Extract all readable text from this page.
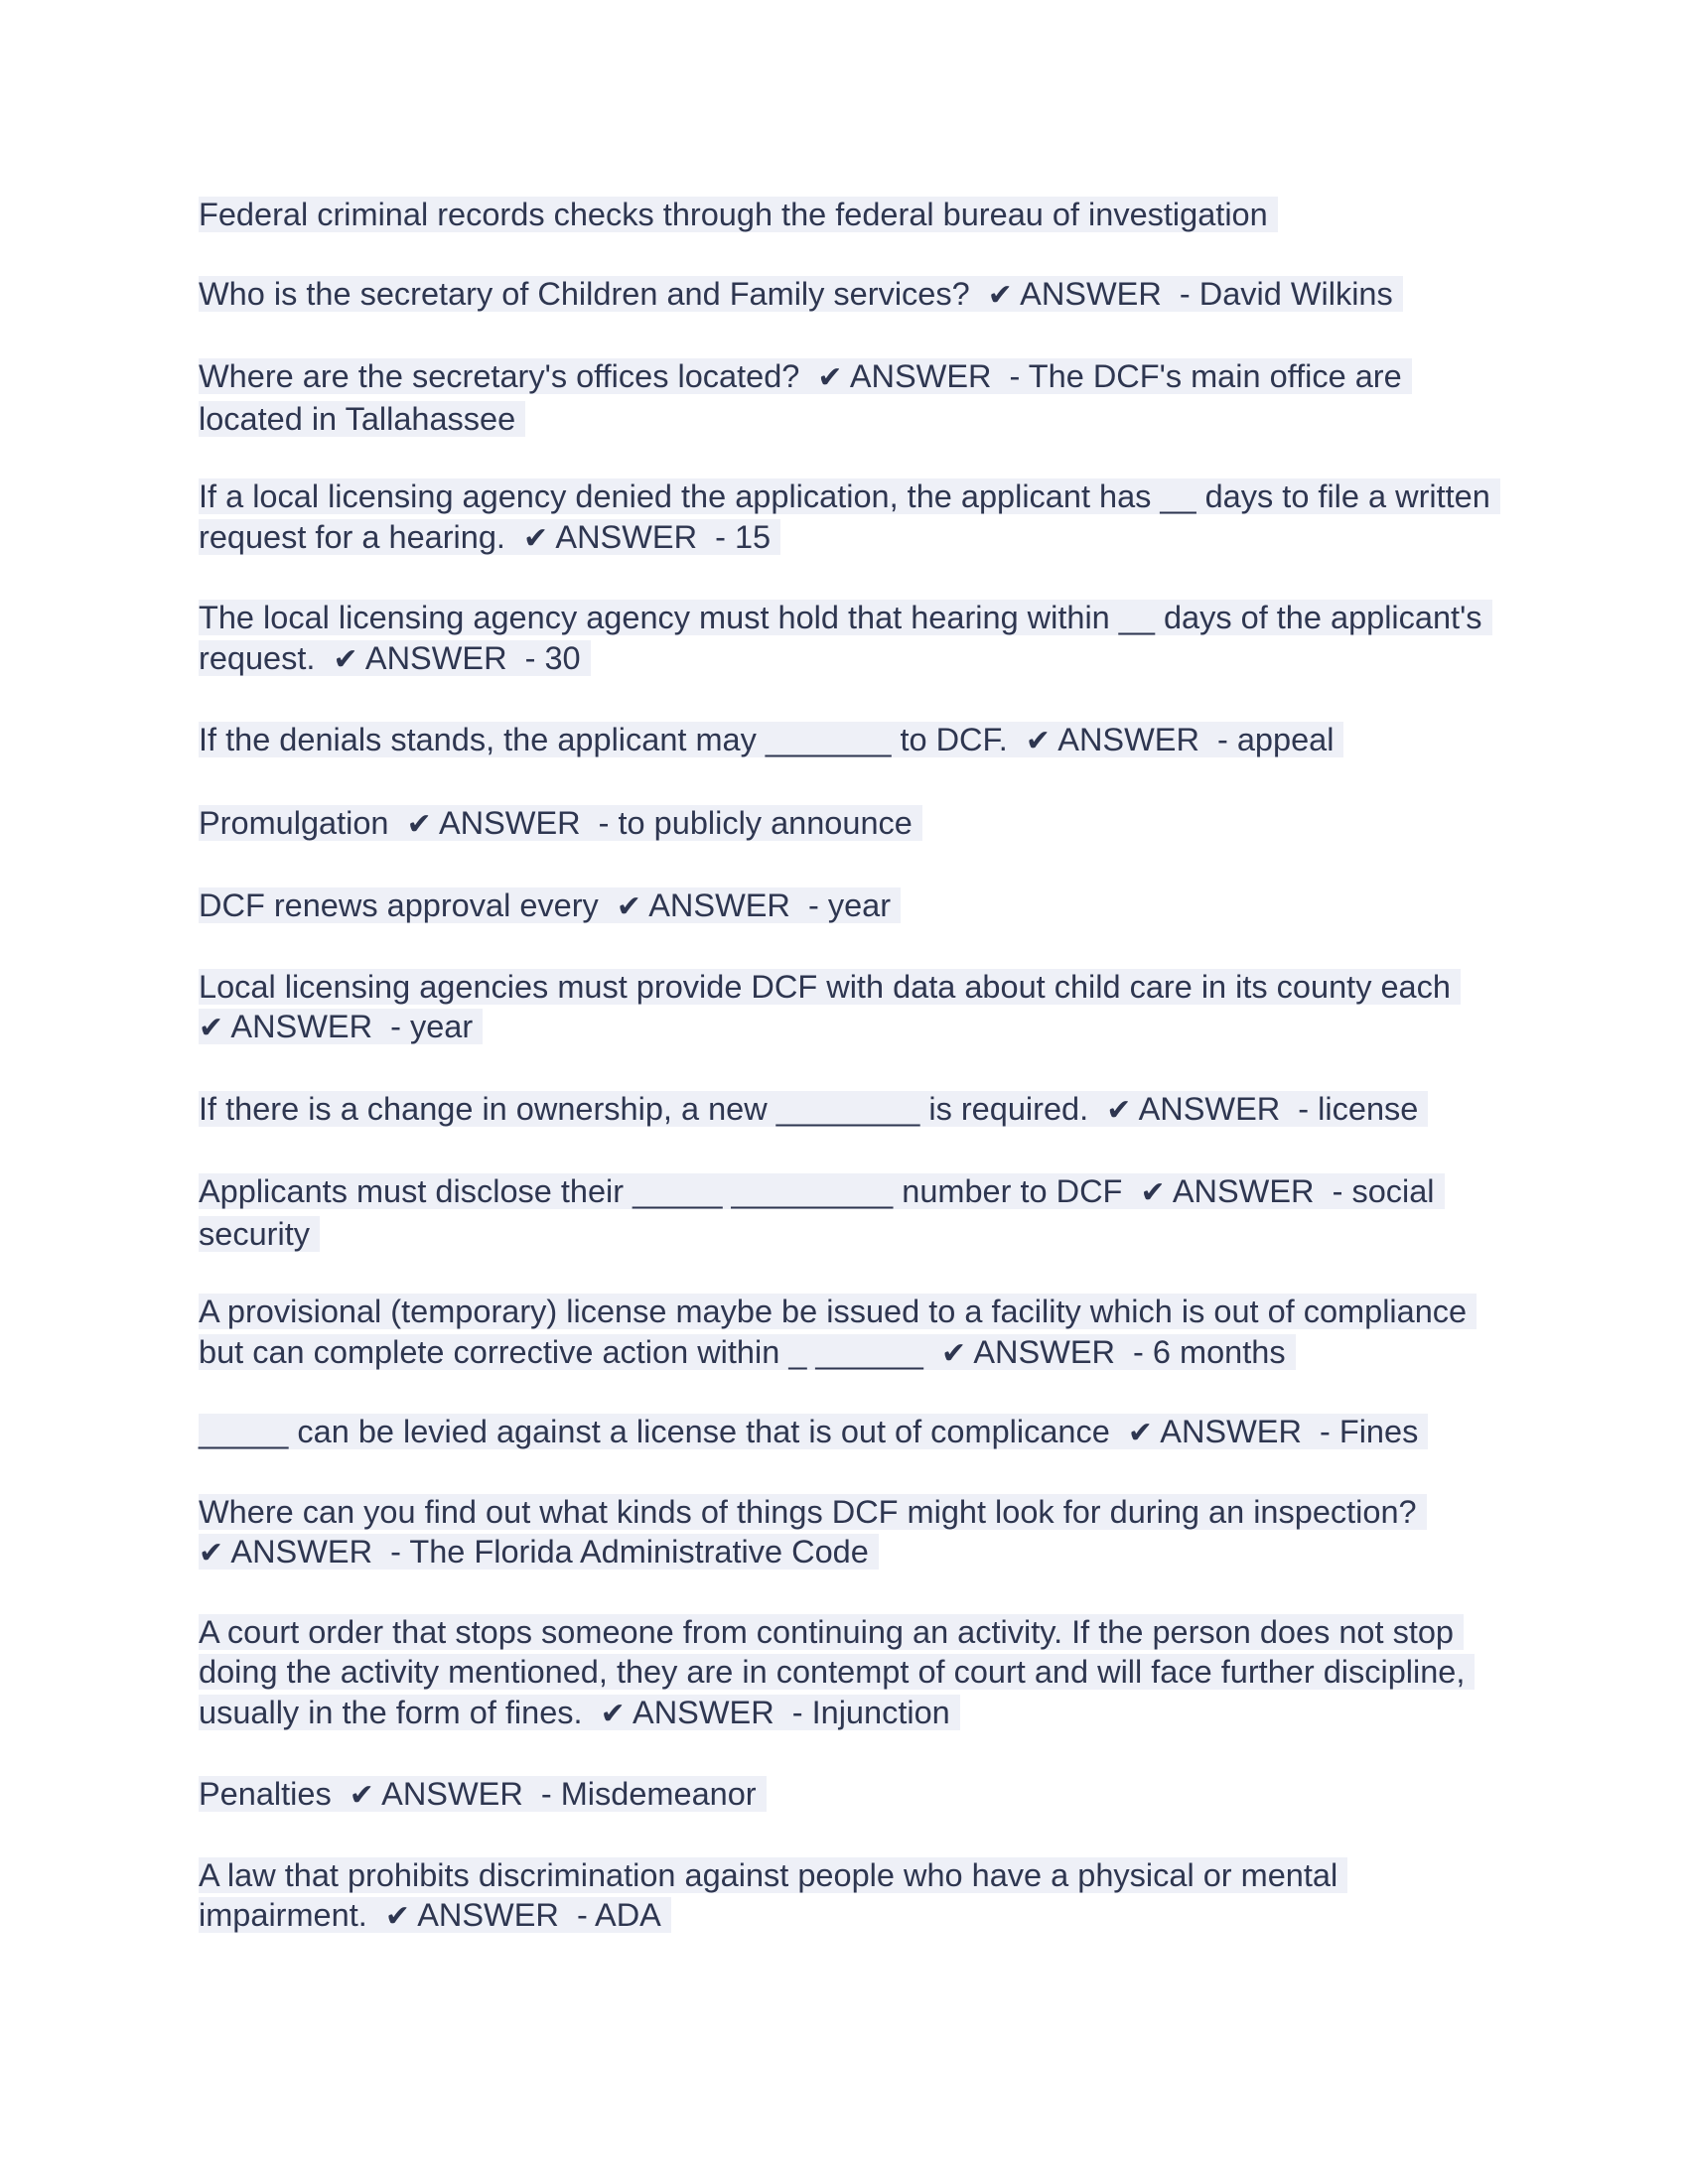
Federal criminal records checks through the federal bureau of investigation

Who is the secretary of Children and Family services? ✔ ANSWER  - David Wilkins

Where are the secretary's offices located? ✔ ANSWER  - The DCF's main office are located in Tallahassee

If a local licensing agency denied the application, the applicant has __ days to file a written request for a hearing. ✔ ANSWER  - 15

The local licensing agency agency must hold that hearing within __ days of the applicant's request. ✔ ANSWER  - 30

If the denials stands, the applicant may _______ to DCF. ✔ ANSWER  - appeal

Promulgation ✔ ANSWER  - to publicly announce

DCF renews approval every ✔ ANSWER  - year

Local licensing agencies must provide DCF with data about child care in its county each
✔ ANSWER  - year

If there is a change in ownership, a new ________ is required. ✔ ANSWER  - license

Applicants must disclose their _____ _________ number to DCF ✔ ANSWER  - social security

A provisional (temporary) license maybe be issued to a facility which is out of compliance but can complete corrective action within _ ______ ✔ ANSWER  - 6 months

_____ can be levied against a license that is out of complicance ✔ ANSWER  - Fines

Where can you find out what kinds of things DCF might look for during an inspection?
✔ ANSWER  - The Florida Administrative Code

A court order that stops someone from continuing an activity. If the person does not stop doing the activity mentioned, they are in contempt of court and will face further discipline, usually in the form of fines. ✔ ANSWER  - Injunction

Penalties ✔ ANSWER  - Misdemeanor

A law that prohibits discrimination against people who have a physical or mental impairment. ✔ ANSWER  - ADA
